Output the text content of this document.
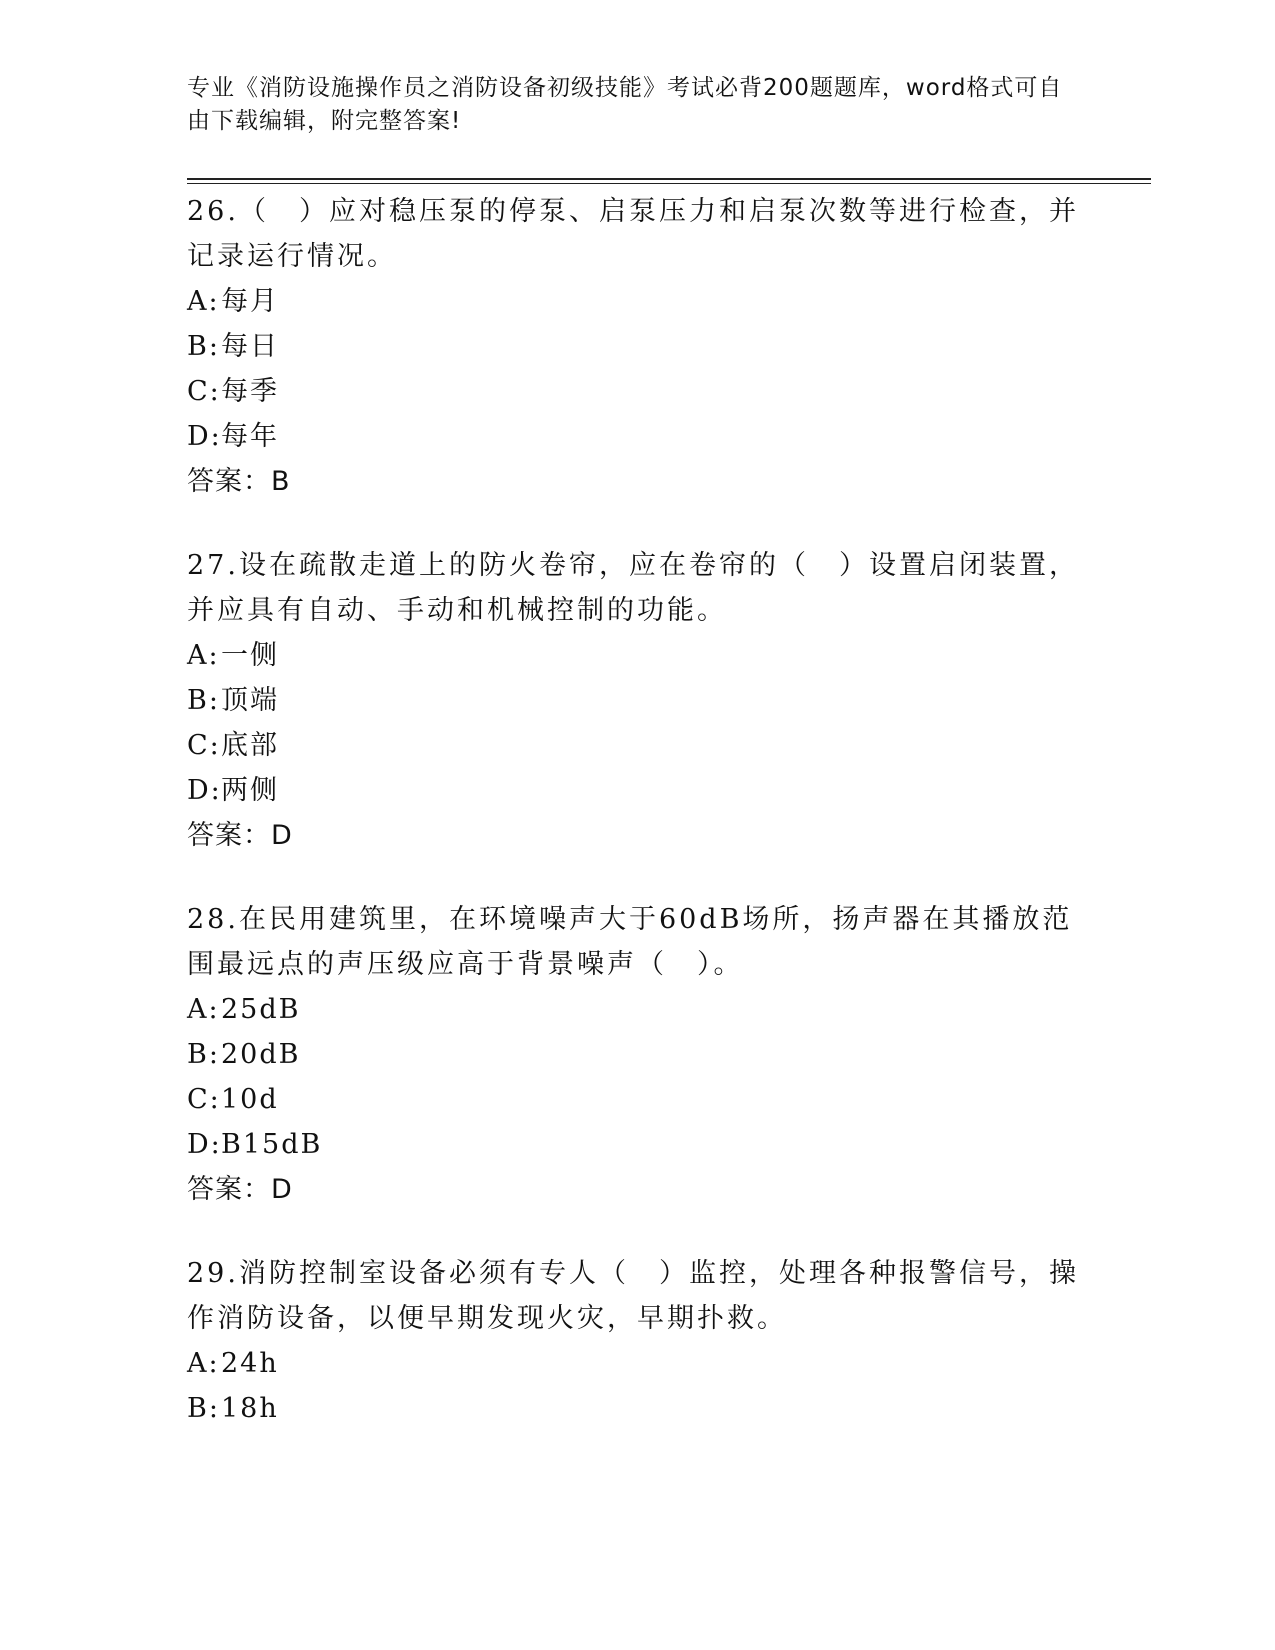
专业《消防设施操作员之消防设备初级技能》考试必背200题题库，word格式可自由下载编辑，附完整答案!

26.（　）应对稳压泵的停泵、启泵压力和启泵次数等进行检查，并记录运行情况。

A:每月
B:每日
C:每季
D:每年
答案：B

27.设在疏散走道上的防火卷帘，应在卷帘的（　）设置启闭装置，并应具有自动、手动和机械控制的功能。

A:一侧
B:顶端
C:底部
D:两侧
答案：D

28.在民用建筑里，在环境噪声大于60dB场所，扬声器在其播放范围最远点的声压级应高于背景噪声（　）。

A:25dB
B:20dB
C:10d
D:B15dB
答案：D

29.消防控制室设备必须有专人（　）监控，处理各种报警信号，操作消防设备，以便早期发现火灾，早期扑救。

A:24h
B:18h
